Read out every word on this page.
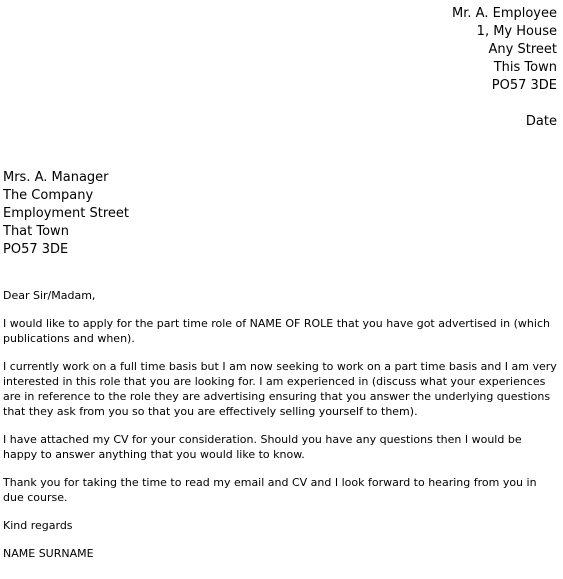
Mr. A. Employee
1, My House
Any Street
This Town
PO57 3DE
Date
Mrs. A. Manager
The Company
Employment Street
That Town
PO57 3DE

Dear Sir/Madam,

I would like to apply for the part time role of NAME OF ROLE that you have got advertised in (which publications and when).

I currently work on a full time basis but I am now seeking to work on a part time basis and I am very interested in this role that you are looking for. I am experienced in (discuss what your experiences are in reference to the role they are advertising ensuring that you answer the underlying questions that they ask from you so that you are effectively selling yourself to them).

I have attached my CV for your consideration. Should you have any questions then I would be happy to answer anything that you would like to know.

Thank you for taking the time to read my email and CV and I look forward to hearing from you in due course.

Kind regards

NAME SURNAME
